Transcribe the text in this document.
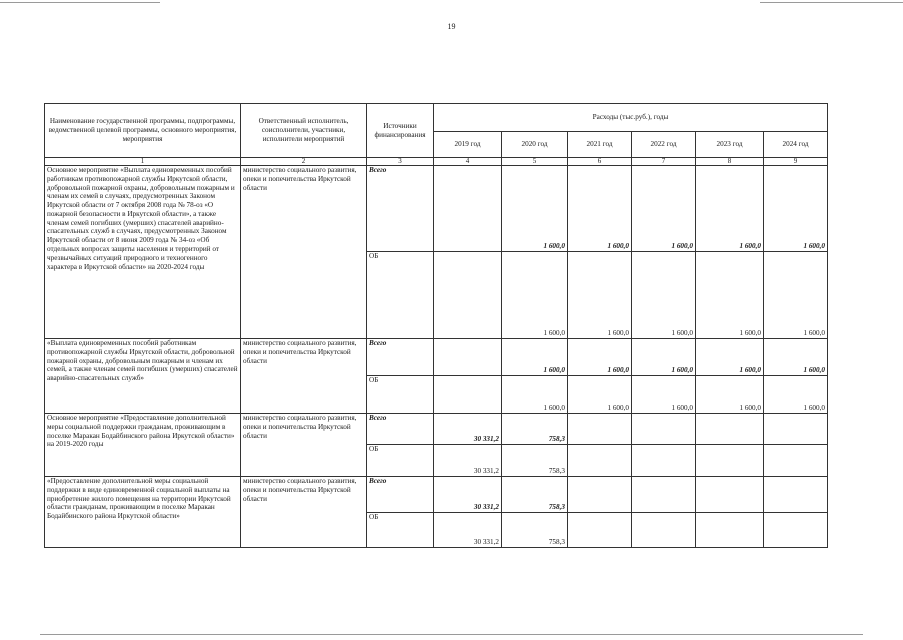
19
Наименование государственной программы, подпрограммы, ведомственной целевой программы, основного мероприятия, мероприятия	Ответственный исполнитель, соисполнители, участники, исполнители мероприятий	Источники финансирования	Расходы (тыс.руб.), годы					
			2019 год	2020 год	2021 год	2022 год	2023 год	2024 год
1	2	3	4	5	6	7	8	9
Основное мероприятие «Выплата единовременных пособий работникам противопожарной службы Иркутской области, добровольной пожарной охраны, добровольным пожарным и членам их семей в случаях, предусмотренных Законом Иркутской области от 7 октября 2008 года № 78-оз «О пожарной безопасности в Иркутской области», а также членам семей погибших (умерших) спасателей аварийно-спасательных служб в случаях, предусмотренных Законом Иркутской области от 8 июня 2009 года № 34-оз «Об отдельных вопросах защиты населения и территорий от чрезвычайных ситуаций природного и техногенного характера в Иркутской области» на 2020-2024 годы	министерство социального развития, опеки и попечительства Иркутской области	Всего		1 600,0	1 600,0	1 600,0	1 600,0	1 600,0
		ОБ		1 600,0	1 600,0	1 600,0	1 600,0	1 600,0
«Выплата единовременных пособий работникам противопожарной службы Иркутской области, добровольной пожарной охраны, добровольным пожарным и членам их семей, а также членам семей погибших (умерших) спасателей аварийно-спасательных служб»	министерство социального развития, опеки и попечительства Иркутской области	Всего		1 600,0	1 600,0	1 600,0	1 600,0	1 600,0
		ОБ		1 600,0	1 600,0	1 600,0	1 600,0	1 600,0
Основное мероприятие «Предоставление дополнительной меры социальной поддержки гражданам, проживающим в поселке Маракан Бодайбинского района Иркутской области» на 2019-2020 годы	министерство социального развития, опеки и попечительства Иркутской области	Всего	30 331,2	758,3				
		ОБ	30 331,2	758,3				
«Предоставление дополнительной меры социальной поддержки в виде единовременной социальной выплаты на приобретение жилого помещения на территории Иркутской области гражданам, проживающим в поселке Маракан Бодайбинского района Иркутской области»	министерство социального развития, опеки и попечительства Иркутской области	Всего	30 331,2	758,3				
		ОБ	30 331,2	758,3				
